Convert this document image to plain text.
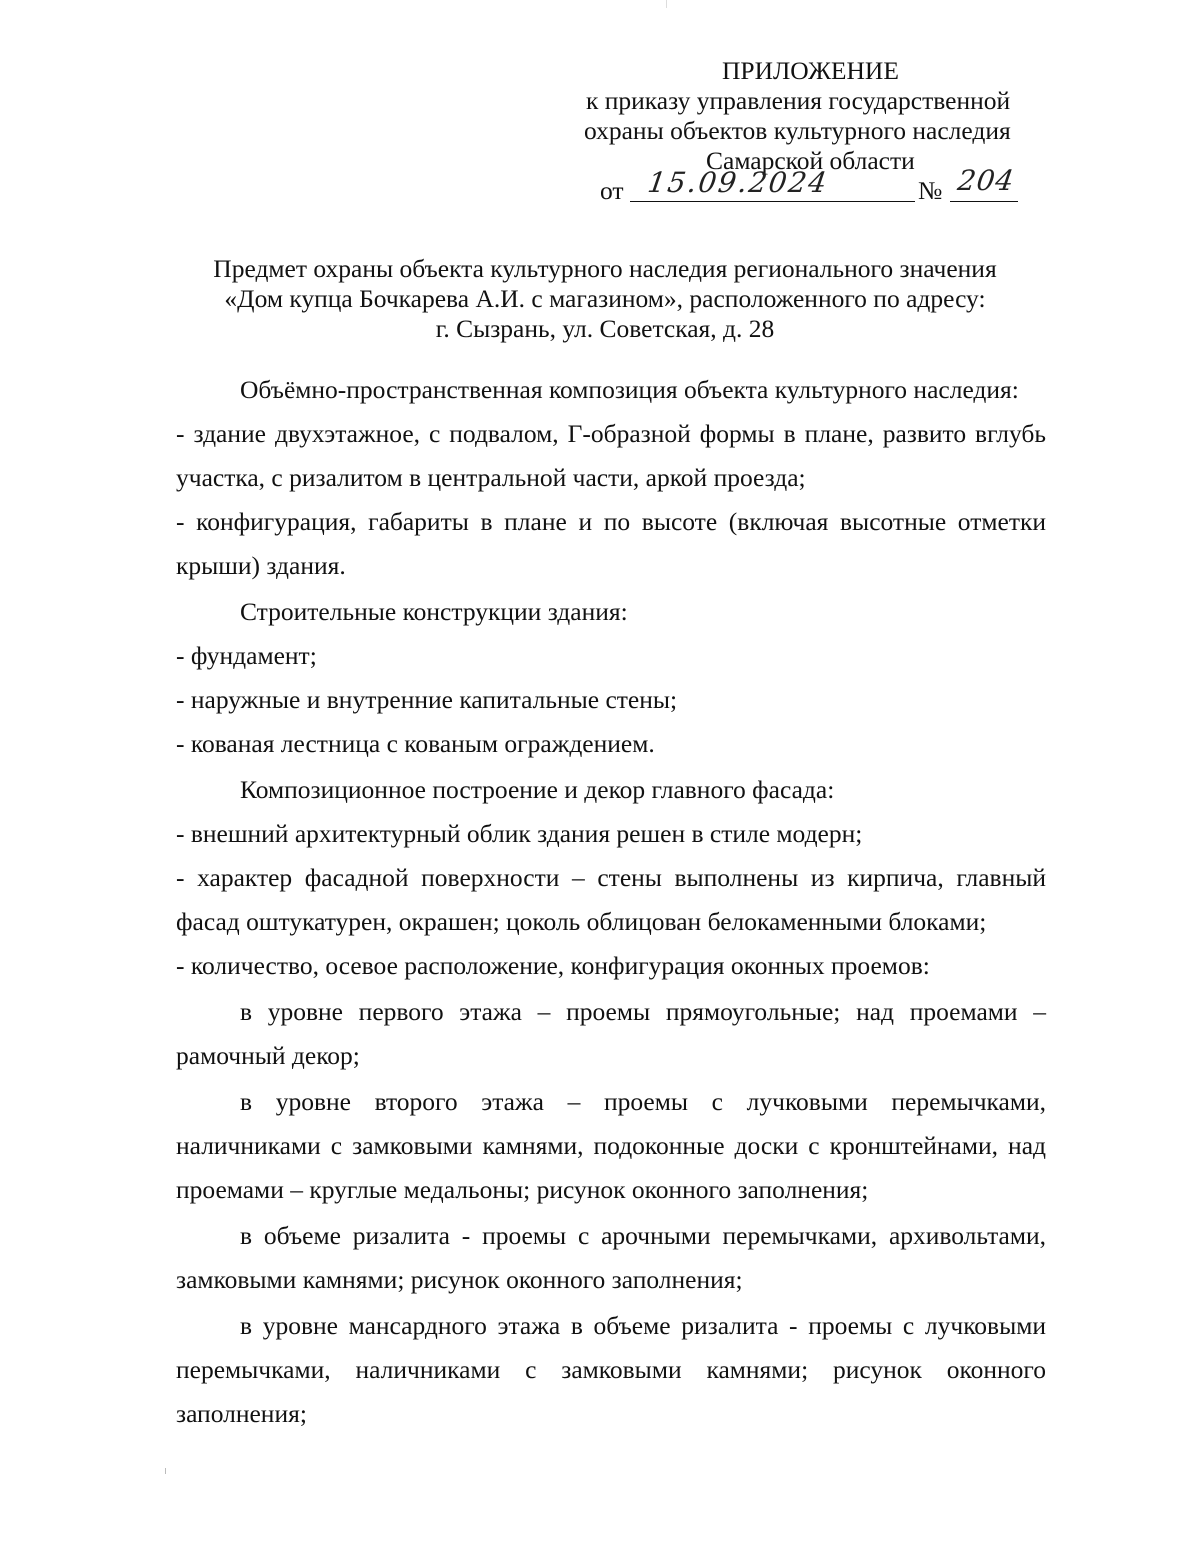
ПРИЛОЖЕНИЕ
к приказу управления государственной
охраны объектов культурного наследия
Самарской области
от 15.09.2024	№ 204
Предмет охраны объекта культурного наследия регионального значения
«Дом купца Бочкарева А.И. с магазином», расположенного по адресу:
г. Сызрань, ул. Советская, д. 28

Объёмно-пространственная композиция объекта культурного наследия:

- здание двухэтажное, с подвалом, Г-образной формы в плане, развито вглубь участка, с ризалитом в центральной части, аркой проезда;

- конфигурация, габариты в плане и по высоте (включая высотные отметки крыши) здания.

Строительные конструкции здания:

- фундамент;

- наружные и внутренние капитальные стены;

- кованая лестница с кованым ограждением.

Композиционное построение и декор главного фасада:

- внешний архитектурный облик здания решен в стиле модерн;

- характер фасадной поверхности – стены выполнены из кирпича, главный фасад оштукатурен, окрашен; цоколь облицован белокаменными блоками;

- количество, осевое расположение, конфигурация оконных проемов:

в уровне первого этажа – проемы прямоугольные; над проемами – рамочный декор;

в уровне второго этажа – проемы с лучковыми перемычками, наличниками с замковыми камнями, подоконные доски с кронштейнами, над проемами – круглые медальоны; рисунок оконного заполнения;

в объеме ризалита - проемы с арочными перемычками, архивольтами, замковыми камнями; рисунок оконного заполнения;

в уровне мансардного этажа в объеме ризалита - проемы с лучковыми перемычками, наличниками с замковыми камнями; рисунок оконного заполнения;
